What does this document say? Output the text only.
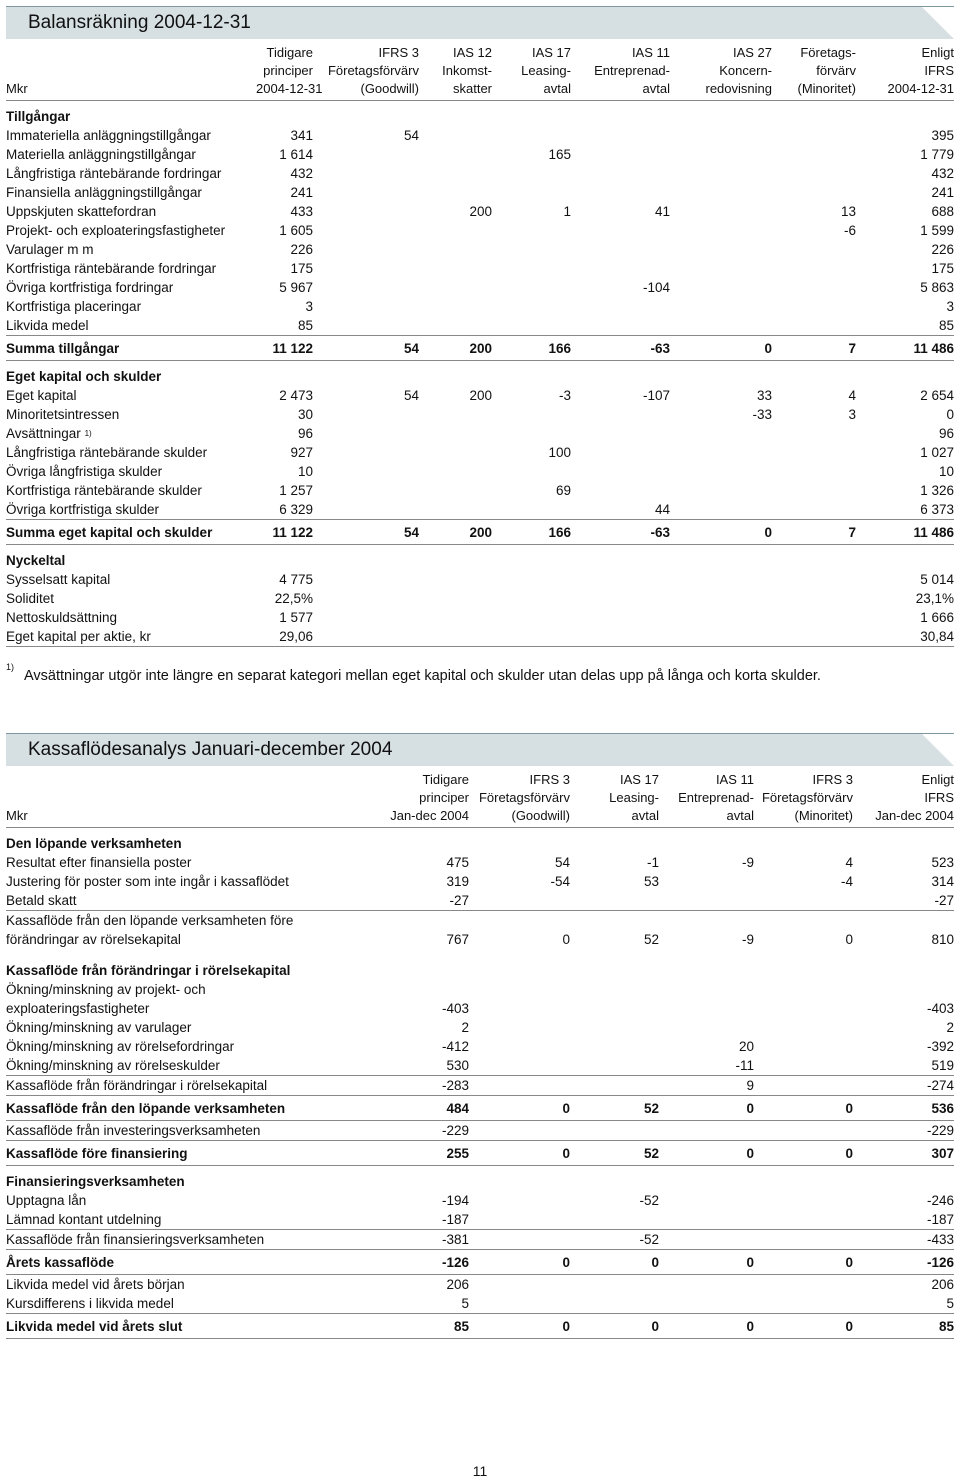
Balansräkning 2004-12-31
	Tidigare	IFRS 3	IAS 12	IAS 17	IAS 11	IAS 27	Företags-	Enligt
	principer	Företagsförvärv	Inkomst-	Leasing-	Entreprenad-	Koncern-	förvärv	IFRS
Mkr	2004-12-31	(Goodwill)	skatter	avtal	avtal	redovisning	(Minoritet)	2004-12-31
Tillgångar								
Immateriella anläggningstillgångar	341	54						395
Materiella anläggningstillgångar	1 614			165				1 779
Långfristiga räntebärande fordringar	432							432
Finansiella anläggningstillgångar	241							241
Uppskjuten skattefordran	433		200	1	41		13	688
Projekt- och exploateringsfastigheter	1 605						-6	1 599
Varulager m m	226							226
Kortfristiga räntebärande fordringar	175							175
Övriga kortfristiga fordringar	5 967				-104			5 863
Kortfristiga placeringar	3							3
Likvida medel	85							85
Summa tillgångar	11 122	54	200	166	-63	0	7	11 486
Eget kapital och skulder								
Eget kapital	2 473	54	200	-3	-107	33	4	2 654
Minoritetsintressen	30					-33	3	0
Avsättningar $^{1)}$	96							96
Långfristiga räntebärande skulder	927			100				1 027
Övriga långfristiga skulder	10							10
Kortfristiga räntebärande skulder	1 257			69				1 326
Övriga kortfristiga skulder	6 329				44			6 373
Summa eget kapital och skulder	11 122	54	200	166	-63	0	7	11 486
Nyckeltal								
Sysselsatt kapital	4 775							5 014
Soliditet	22,5%							23,1%
Nettoskuldsättning	1 577							1 666
Eget kapital per aktie, kr	29,06							30,84
$^{1)}$Avsättningar utgör inte längre en separat kategori mellan eget kapital och skulder utan delas upp på långa och korta skulder.
Kassaflödesanalys Januari-december 2004
	Tidigare	IFRS 3	IAS 17	IAS 11	IFRS 3	Enligt
	principer	Företagsförvärv	Leasing-	Entreprenad-	Företagsförvärv	IFRS
Mkr	Jan-dec 2004	(Goodwill)	avtal	avtal	(Minoritet)	Jan-dec 2004
Den löpande verksamheten						
Resultat efter finansiella poster	475	54	-1	-9	4	523
Justering för poster som inte ingår i kassaflödet	319	-54	53		-4	314
Betald skatt	-27					-27
Kassaflöde från den löpande verksamheten före						
förändringar av rörelsekapital	767	0	52	-9	0	810

Kassaflöde från förändringar i rörelsekapital						
Ökning/minskning av projekt- och						
exploateringsfastigheter	-403					-403
Ökning/minskning av varulager	2					2
Ökning/minskning av rörelsefordringar	-412			20		-392
Ökning/minskning av rörelseskulder	530			-11		519
Kassaflöde från förändringar i rörelsekapital	-283			9		-274
Kassaflöde från den löpande verksamheten	484	0	52	0	0	536
Kassaflöde från investeringsverksamheten	-229					-229
Kassaflöde före finansiering	255	0	52	0	0	307
Finansieringsverksamheten						
Upptagna lån	-194		-52			-246
Lämnad kontant utdelning	-187					-187
Kassaflöde från finansieringsverksamheten	-381		-52			-433
Årets kassaflöde	-126	0	0	0	0	-126
Likvida medel vid årets början	206					206
Kursdifferens i likvida medel	5					5
Likvida medel vid årets slut	85	0	0	0	0	85
11
